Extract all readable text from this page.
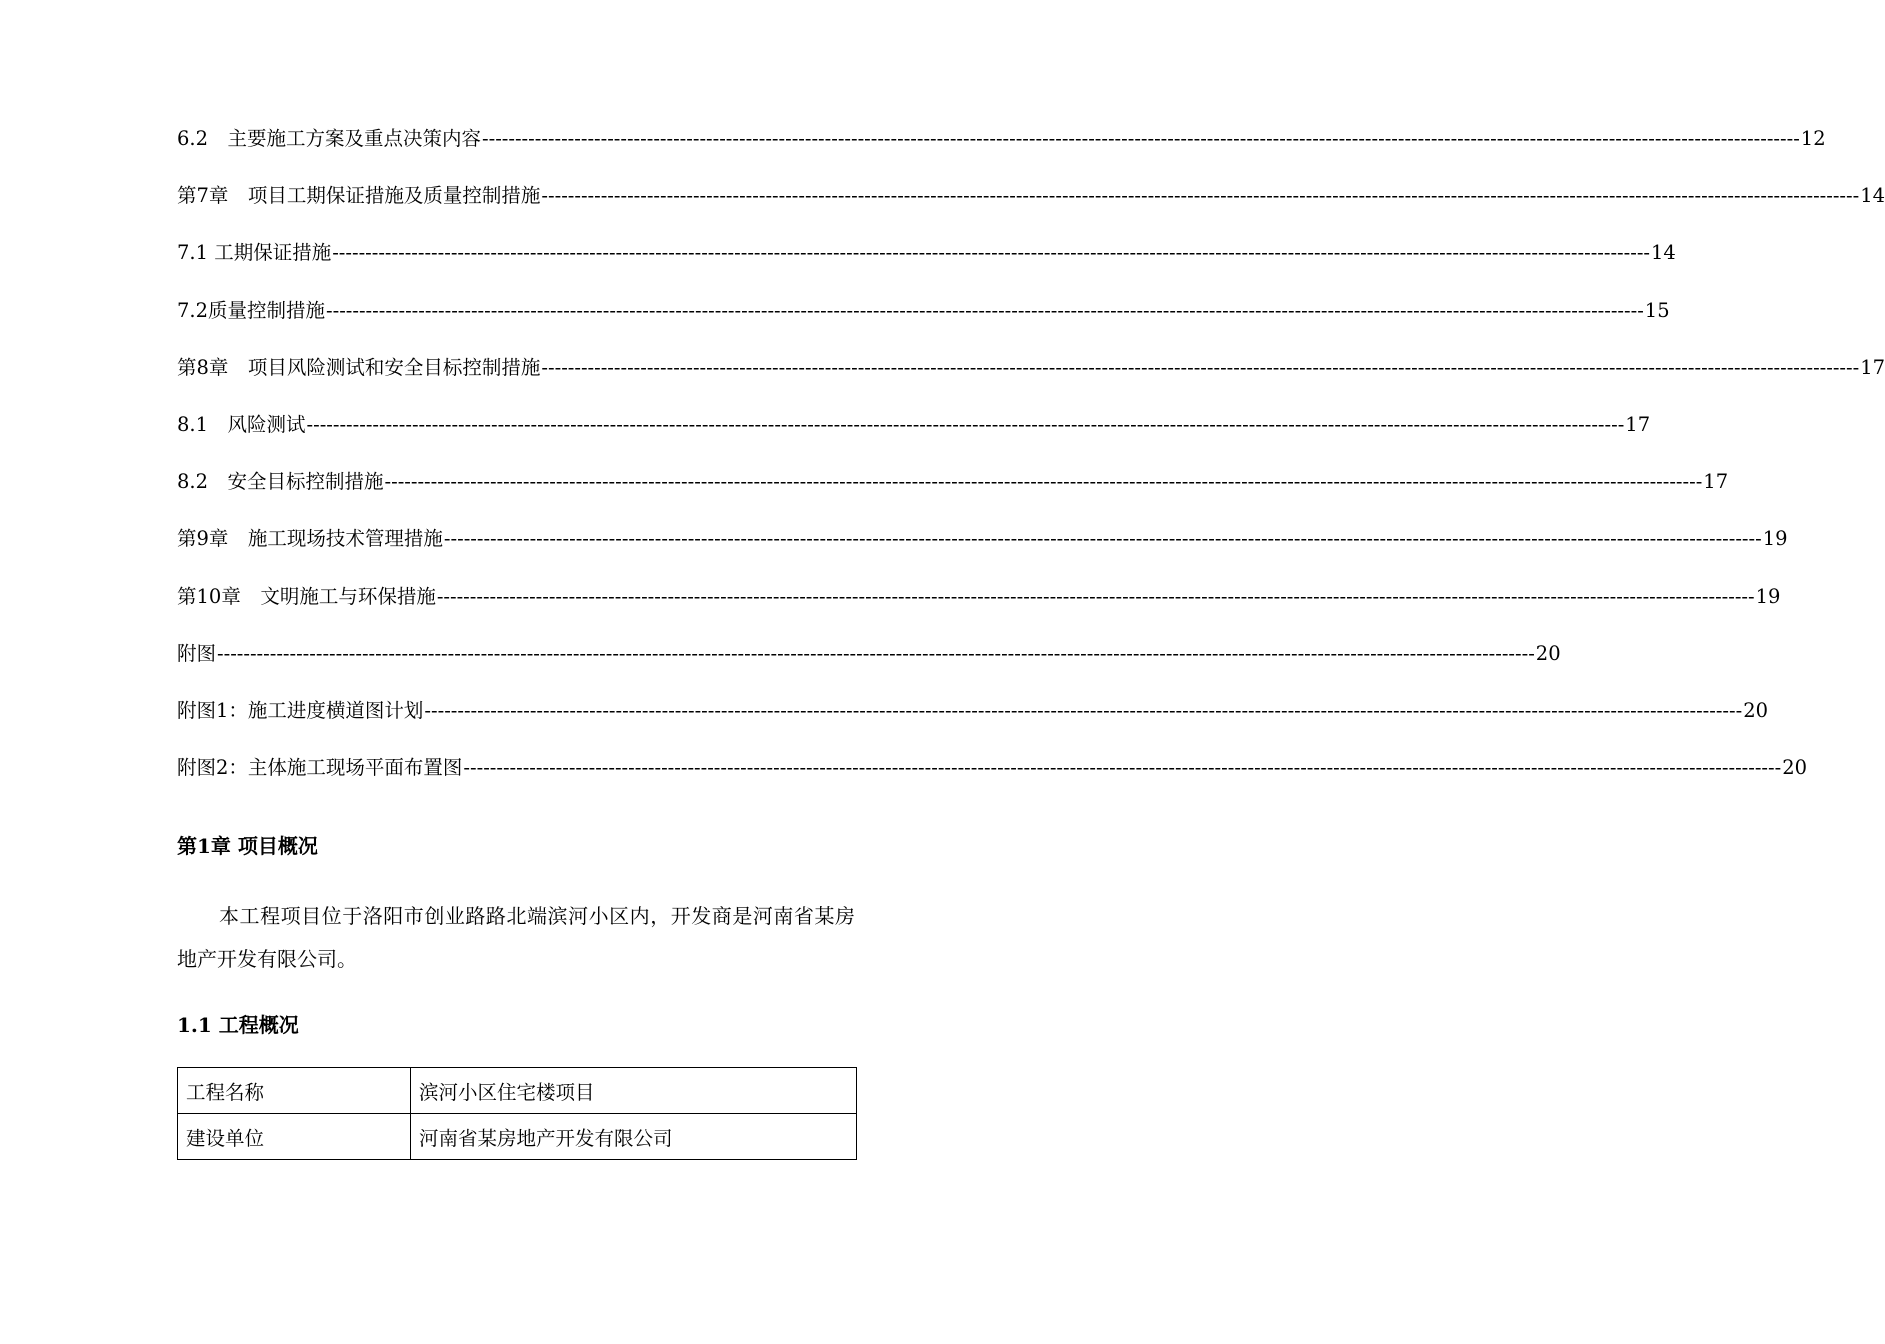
6.2　主要施工方案及重点决策内容 -------------------------------------------------------------------------------------------------------------------------------------------------------------------------------------------------------- 12
第7章　项目工期保证措施及质量控制措施 -------------------------------------------------------------------------------------------------------------------------------------------------------------------------------------------------------- 14
7.1 工期保证措施 -------------------------------------------------------------------------------------------------------------------------------------------------------------------------------------------------------- 14
7.2质量控制措施 -------------------------------------------------------------------------------------------------------------------------------------------------------------------------------------------------------- 15
第8章　项目风险测试和安全目标控制措施 -------------------------------------------------------------------------------------------------------------------------------------------------------------------------------------------------------- 17
8.1　风险测试 -------------------------------------------------------------------------------------------------------------------------------------------------------------------------------------------------------- 17
8.2　安全目标控制措施 -------------------------------------------------------------------------------------------------------------------------------------------------------------------------------------------------------- 17
第9章　施工现场技术管理措施 -------------------------------------------------------------------------------------------------------------------------------------------------------------------------------------------------------- 19
第10章　文明施工与环保措施 -------------------------------------------------------------------------------------------------------------------------------------------------------------------------------------------------------- 19
附图 -------------------------------------------------------------------------------------------------------------------------------------------------------------------------------------------------------- 20
附图1：施工进度横道图计划 -------------------------------------------------------------------------------------------------------------------------------------------------------------------------------------------------------- 20
附图2：主体施工现场平面布置图 -------------------------------------------------------------------------------------------------------------------------------------------------------------------------------------------------------- 20
第1章 项目概况

本工程项目位于洛阳市创业路路北端滨河小区内，开发商是河南省某房地产开发有限公司。

1.1 工程概况
工程名称	滨河小区住宅楼项目
建设单位	河南省某房地产开发有限公司
